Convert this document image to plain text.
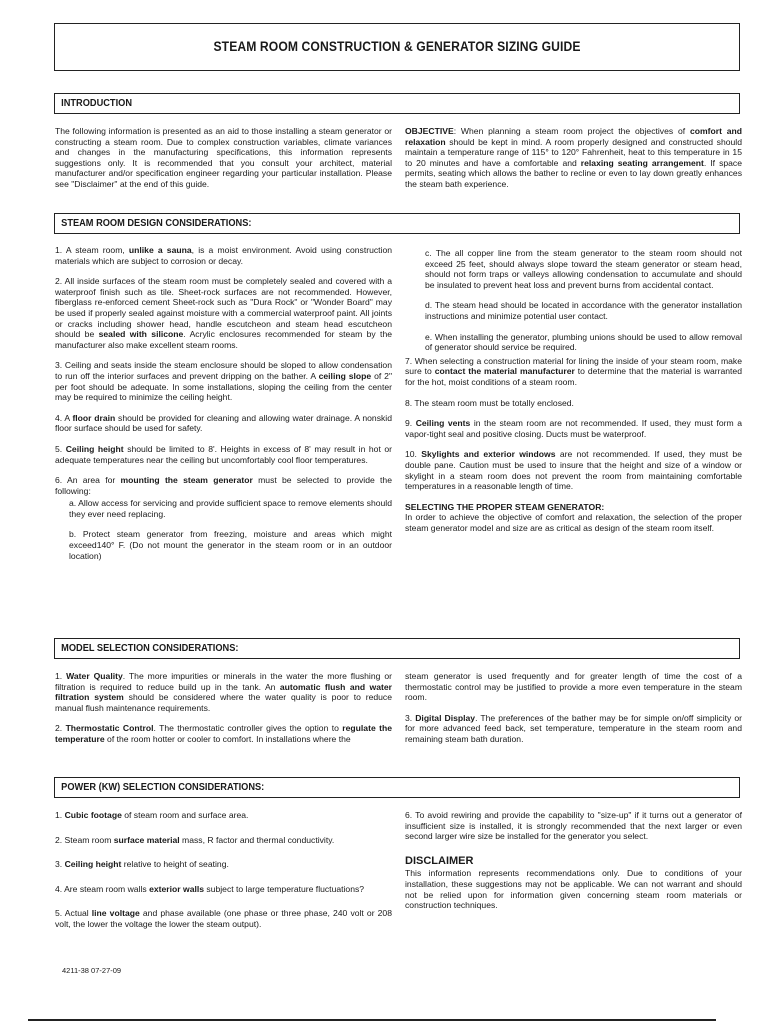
STEAM ROOM CONSTRUCTION & GENERATOR SIZING GUIDE
INTRODUCTION

The following information is presented as an aid to those installing a steam generator or constructing a steam room. Due to complex construction variables, climate variances and changes in the manufacturing specifications, this information represents suggestions only. It is recommended that you consult your architect, material manufacturer and/or specification engineer regarding your particular installation. Please see "Disclaimer" at the end of this guide.

OBJECTIVE: When planning a steam room project the objectives of comfort and relaxation should be kept in mind. A room properly designed and constructed should maintain a temperature range of 115° to 120° Fahrenheit, heat to this temperature in 15 to 20 minutes and have a comfortable and relaxing seating arrangement. If space permits, seating which allows the bather to recline or even to lay down greatly enhances the steam bath experience.

STEAM ROOM DESIGN CONSIDERATIONS:

1. A steam room, unlike a sauna, is a moist environment. Avoid using construction materials which are subject to corrosion or decay.

2. All inside surfaces of the steam room must be completely sealed and covered with a waterproof finish such as tile. Sheet-rock surfaces are not recommended. However, fiberglass re-enforced cement Sheet-rock such as "Dura Rock" or "Wonder Board" may be used if properly sealed against moisture with a commercial waterproof paint. All joints or cracks including shower head, handle escutcheon and steam head escutcheon should be sealed with silicone. Acrylic enclosures recommended for steam by the manufacturer also make excellent steam rooms.

3. Ceiling and seats inside the steam enclosure should be sloped to allow condensation to run off the interior surfaces and prevent dripping on the bather. A ceiling slope of 2" per foot should be adequate. In some installations, sloping the ceiling from the center may be required to minimize the ceiling height.

4. A floor drain should be provided for cleaning and allowing water drainage. A nonskid floor surface should be used for safety.

5. Ceiling height should be limited to 8'. Heights in excess of 8' may result in hot or adequate temperatures near the ceiling but uncomfortably cool floor temperatures.

6. An area for mounting the steam generator must be selected to provide the following:

a. Allow access for servicing and provide sufficient space to remove elements should they ever need replacing.

b. Protect steam generator from freezing, moisture and areas which might exceed140° F. (Do not mount the generator in the steam room or in an outdoor location)

c. The all copper line from the steam generator to the steam room should not exceed 25 feet, should always slope toward the steam generator or steam head, should not form traps or valleys allowing condensation to accumulate and should be insulated to prevent heat loss and prevent burns from accidental contact.

d. The steam head should be located in accordance with the generator installation instructions and minimize potential user contact.

e. When installing the generator, plumbing unions should be used to allow removal of generator should service be required.

7. When selecting a construction material for lining the inside of your steam room, make sure to contact the material manufacturer to determine that the material is warranted for the hot, moist conditions of a steam room.

8. The steam room must be totally enclosed.

9. Ceiling vents in the steam room are not recommended. If used, they must form a vapor-tight seal and positive closing. Ducts must be waterproof.

10. Skylights and exterior windows are not recommended. If used, they must be double pane. Caution must be used to insure that the height and size of a window or skylight in a steam room does not prevent the room from maintaining comfortable temperatures in a reasonable length of time.

SELECTING THE PROPER STEAM GENERATOR:

In order to achieve the objective of comfort and relaxation, the selection of the proper steam generator model and size are as critical as design of the steam room itself.

MODEL SELECTION CONSIDERATIONS:

1. Water Quality. The more impurities or minerals in the water the more flushing or filtration is required to reduce build up in the tank. An automatic flush and water filtration system should be considered where the water quality is poor to reduce manual flush maintenance requirements.

2. Thermostatic Control. The thermostatic controller gives the option to regulate the temperature of the room hotter or cooler to comfort. In installations where the

steam generator is used frequently and for greater length of time the cost of a thermostatic control may be justified to provide a more even temperature in the steam room.

3. Digital Display. The preferences of the bather may be for simple on/off simplicity or for more advanced feed back, set temperature, temperature in the steam room and remaining steam bath duration.

POWER (KW) SELECTION CONSIDERATIONS:

1. Cubic footage of steam room and surface area.

2. Steam room surface material mass, R factor and thermal conductivity.

3. Ceiling height relative to height of seating.

4. Are steam room walls exterior walls subject to large temperature fluctuations?

5. Actual line voltage and phase available (one phase or three phase, 240 volt or 208 volt, the lower the voltage the lower the steam output).

6. To avoid rewiring and provide the capability to "size-up" if it turns out a generator of insufficient size is installed, it is strongly recommended that the next larger or even second larger wire size be installed for the generator you select.

DISCLAIMER

This information represents recommendations only. Due to conditions of your installation, these suggestions may not be applicable. We can not warrant and should not be relied upon for information given concerning steam room materials or construction techniques.

4211-38 07-27-09
